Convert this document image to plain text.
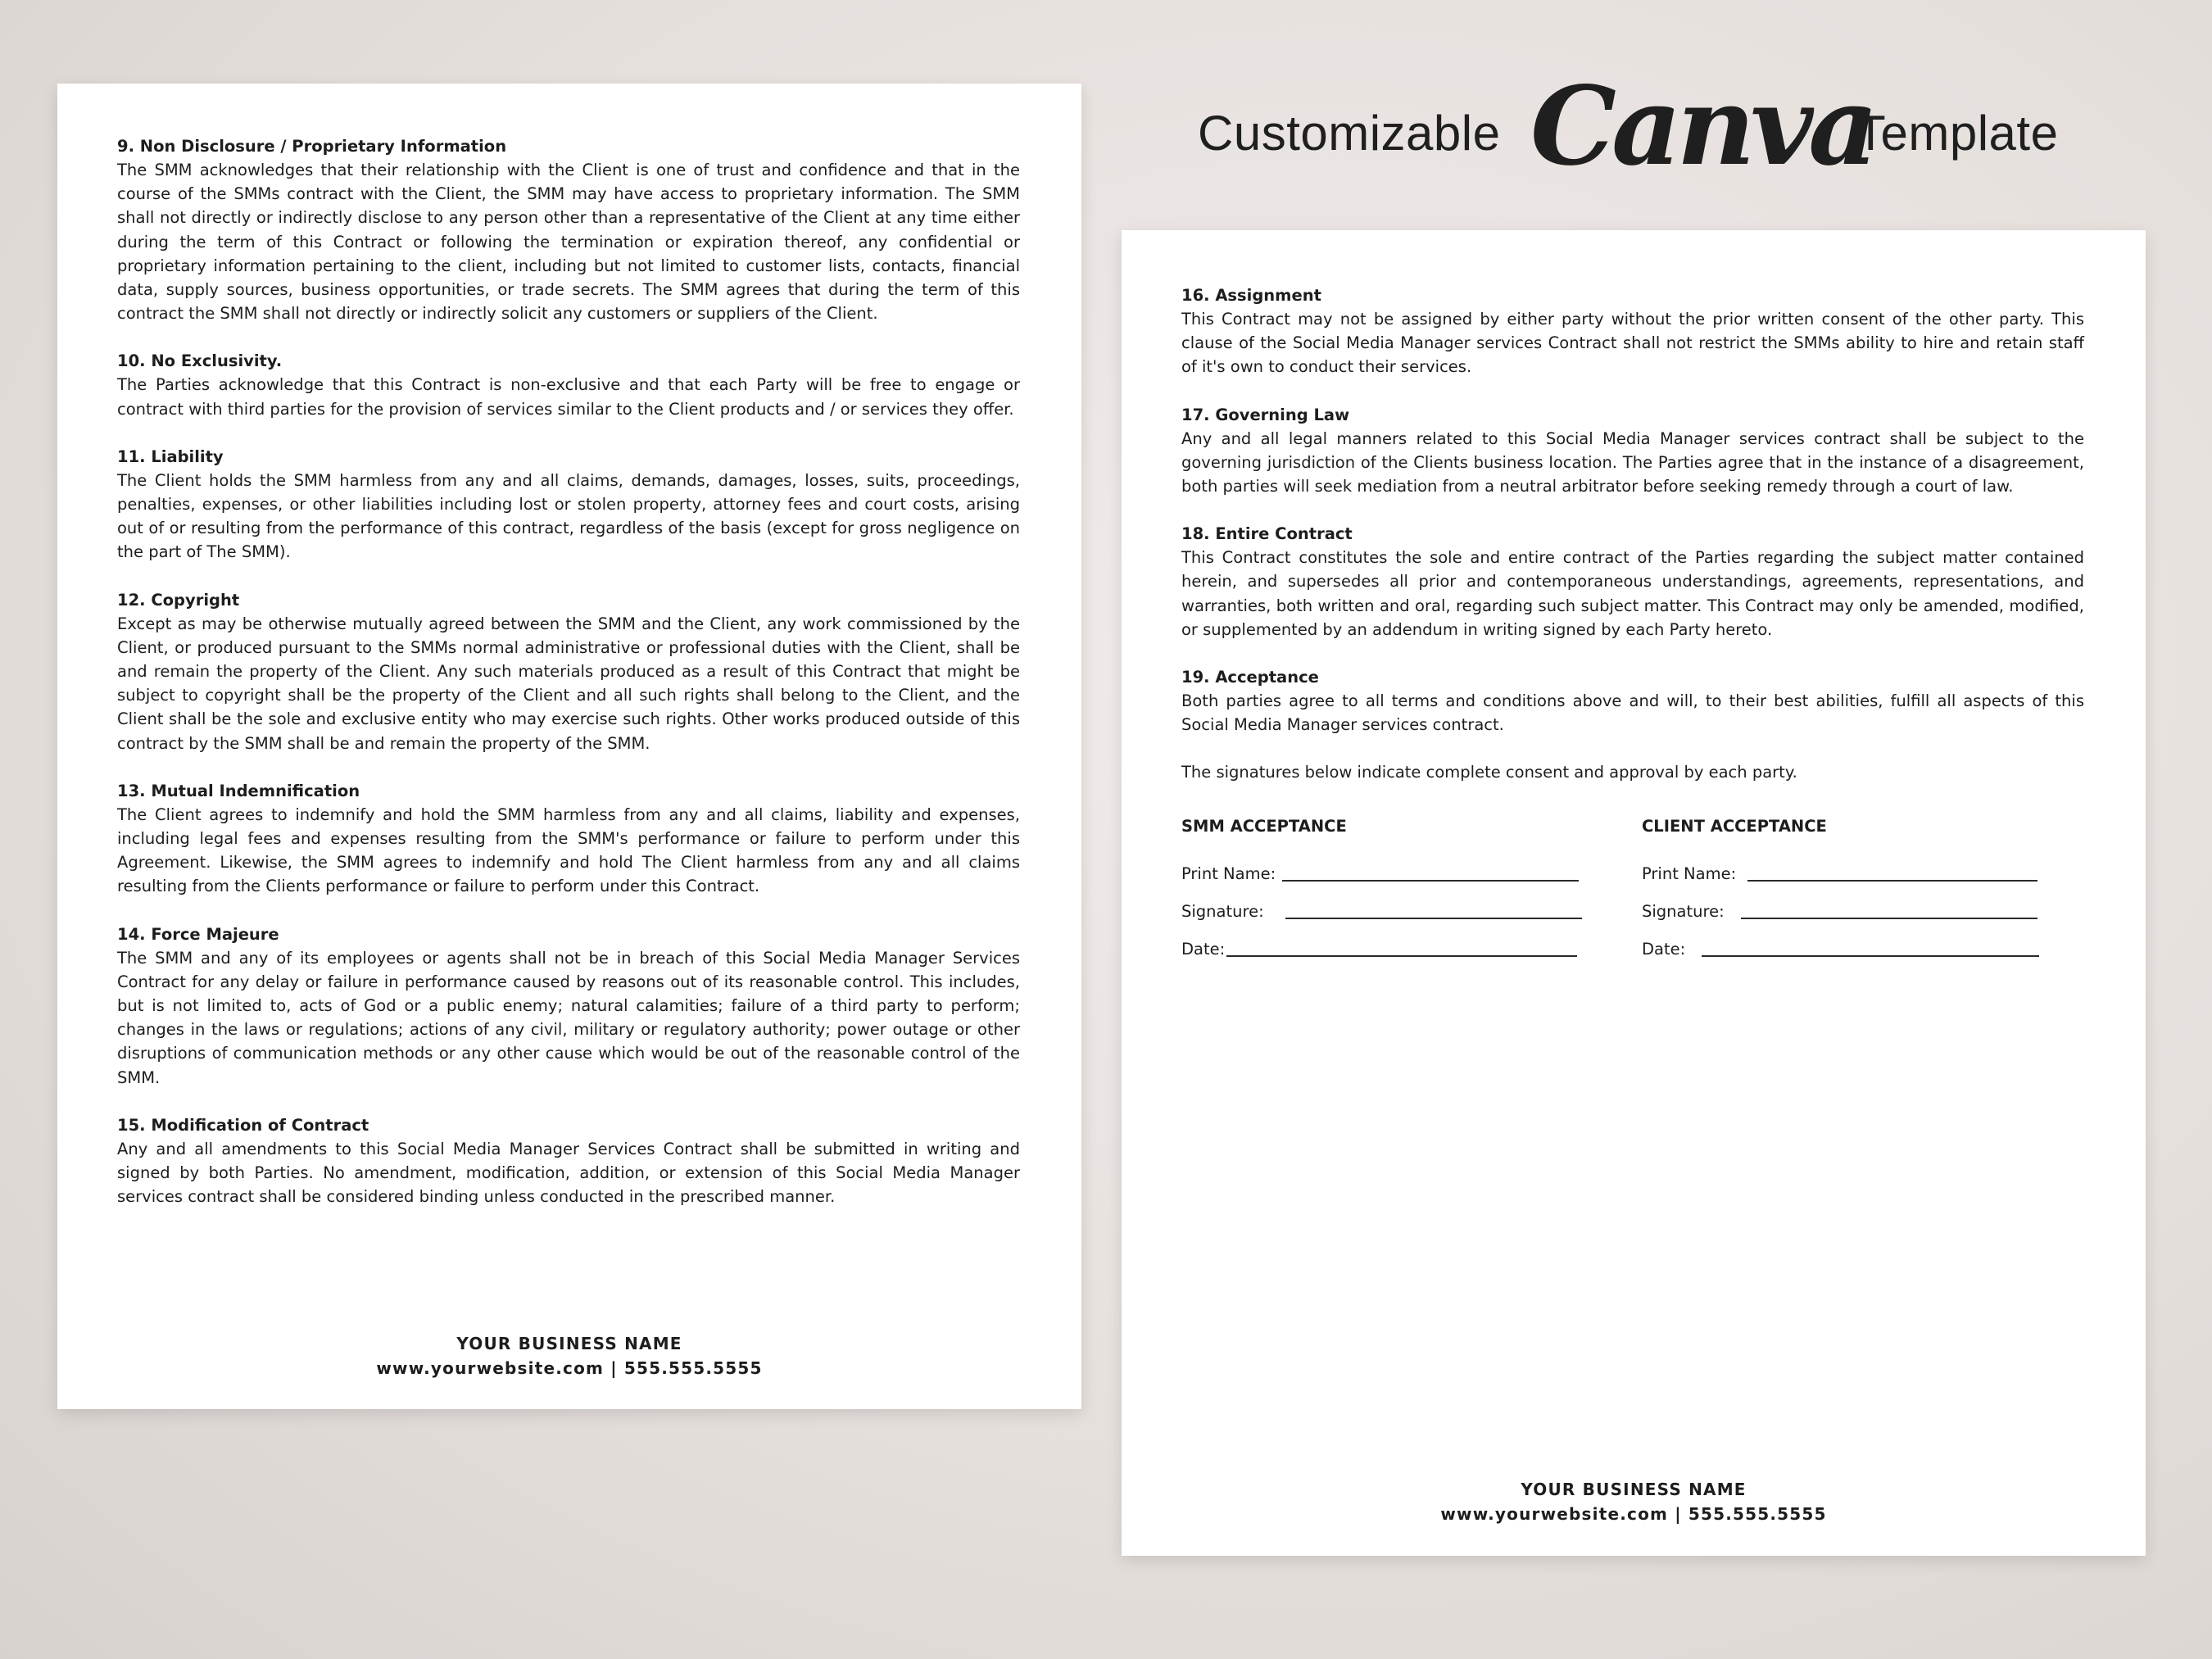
9. Non Disclosure / Proprietary Information

The SMM acknowledges that their relationship with the Client is one of trust and confidence and that in the course of the SMMs contract with the Client, the SMM may have access to proprietary information. The SMM shall not directly or indirectly disclose to any person other than a representative of the Client at any time either during the term of this Contract or following the termination or expiration thereof, any confidential or proprietary information pertaining to the client, including but not limited to customer lists, contacts, financial data, supply sources, business opportunities, or trade secrets. The SMM agrees that during the term of this contract the SMM shall not directly or indirectly solicit any customers or suppliers of the Client.

10. No Exclusivity.

The Parties acknowledge that this Contract is non-exclusive and that each Party will be free to engage or contract with third parties for the provision of services similar to the Client products and / or services they offer.

11. Liability

The Client holds the SMM harmless from any and all claims, demands, damages, losses, suits, proceedings, penalties, expenses, or other liabilities including lost or stolen property, attorney fees and court costs, arising out of or resulting from the performance of this contract, regardless of the basis (except for gross negligence on the part of The SMM).

12. Copyright

Except as may be otherwise mutually agreed between the SMM and the Client, any work commissioned by the Client, or produced pursuant to the SMMs normal administrative or professional duties with the Client, shall be and remain the property of the Client. Any such materials produced as a result of this Contract that might be subject to copyright shall be the property of the Client and all such rights shall belong to the Client, and the Client shall be the sole and exclusive entity who may exercise such rights. Other works produced outside of this contract by the SMM shall be and remain the property of the SMM.

13. Mutual Indemnification

The Client agrees to indemnify and hold the SMM harmless from any and all claims, liability and expenses, including legal fees and expenses resulting from the SMM's performance or failure to perform under this Agreement. Likewise, the SMM agrees to indemnify and hold The Client harmless from any and all claims resulting from the Clients performance or failure to perform under this Contract.

14. Force Majeure

The SMM and any of its employees or agents shall not be in breach of this Social Media Manager Services Contract for any delay or failure in performance caused by reasons out of its reasonable control. This includes, but is not limited to, acts of God or a public enemy; natural calamities; failure of a third party to perform; changes in the laws or regulations; actions of any civil, military or regulatory authority; power outage or other disruptions of communication methods or any other cause which would be out of the reasonable control of the SMM.

15. Modification of Contract

Any and all amendments to this Social Media Manager Services Contract shall be submitted in writing and signed by both Parties. No amendment, modification, addition, or extension of this Social Media Manager services contract shall be considered binding unless conducted in the prescribed manner.

YOUR BUSINESS NAME
www.yourwebsite.com | 555.555.5555
Customizable Canva
Template

16. Assignment

This Contract may not be assigned by either party without the prior written consent of the other party. This clause of the Social Media Manager services Contract shall not restrict the SMMs ability to hire and retain staff of it's own to conduct their services.

17. Governing Law

Any and all legal manners related to this Social Media Manager services contract shall be subject to the governing jurisdiction of the Clients business location. The Parties agree that in the instance of a disagreement, both parties will seek mediation from a neutral arbitrator before seeking remedy through a court of law.

18. Entire Contract

This Contract constitutes the sole and entire contract of the Parties regarding the subject matter contained herein, and supersedes all prior and contemporaneous understandings, agreements, representations, and warranties, both written and oral, regarding such subject matter. This Contract may only be amended, modified, or supplemented by an addendum in writing signed by each Party hereto.

19. Acceptance

Both parties agree to all terms and conditions above and will, to their best abilities, fulfill all aspects of this Social Media Manager services contract.

The signatures below indicate complete consent and approval by each party.

SMM ACCEPTANCE
Print Name:
Signature:
Date:
CLIENT ACCEPTANCE
Print Name:
Signature:
Date:
YOUR BUSINESS NAME
www.yourwebsite.com | 555.555.5555
